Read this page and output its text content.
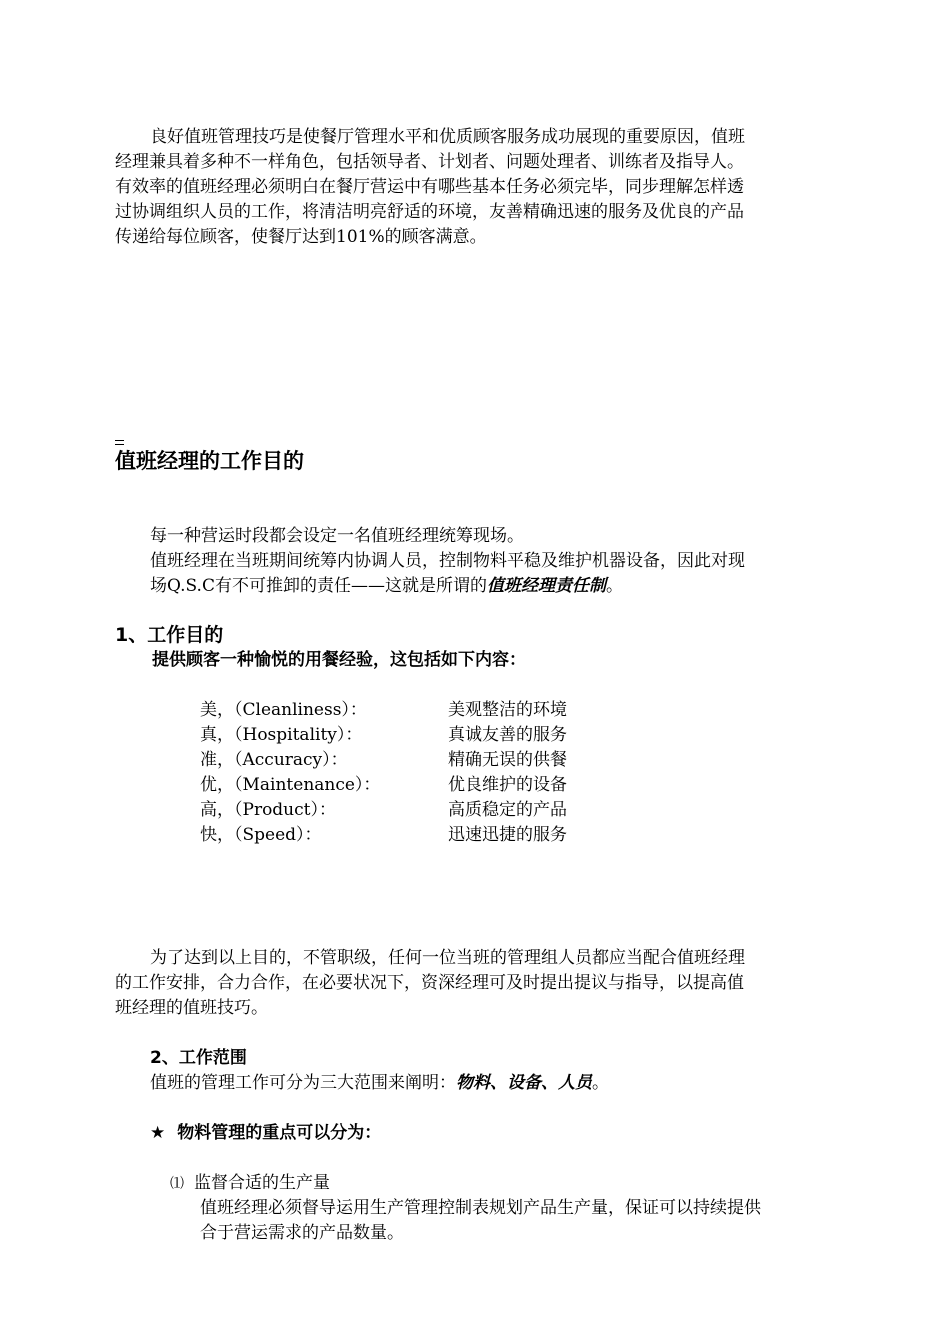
良好值班管理技巧是使餐厅管理水平和优质顾客服务成功展现的重要原因，值班
经理兼具着多种不一样角色，包括领导者、计划者、问题处理者、训练者及指导人。
有效率的值班经理必须明白在餐厅营运中有哪些基本任务必须完毕，同步理解怎样透
过协调组织人员的工作，将清洁明亮舒适的环境，友善精确迅速的服务及优良的产品
传递给每位顾客，使餐厅达到101%的顾客满意。
值班经理的工作目的
每一种营运时段都会设定一名值班经理统筹现场。
值班经理在当班期间统筹内协调人员，控制物料平稳及维护机器设备，因此对现
场Q.S.C有不可推卸的责任——这就是所谓的值班经理责任制。
1、工作目的
提供顾客一种愉悦的用餐经验，这包括如下内容：
美，（Cleanliness）：	美观整洁的环境
真，（Hospitality）：	真诚友善的服务
准，（Accuracy）：	精确无误的供餐
优，（Maintenance）：	优良维护的设备
高，（Product）：	高质稳定的产品
快，（Speed）：	迅速迅捷的服务
为了达到以上目的，不管职级，任何一位当班的管理组人员都应当配合值班经理
的工作安排，合力合作，在必要状况下，资深经理可及时提出提议与指导，以提高值
班经理的值班技巧。
2、工作范围
值班的管理工作可分为三大范围来阐明：物料、设备、人员。
★ 物料管理的重点可以分为：
⑴ 监督合适的生产量
值班经理必须督导运用生产管理控制表规划产品生产量，保证可以持续提供
合于营运需求的产品数量。
